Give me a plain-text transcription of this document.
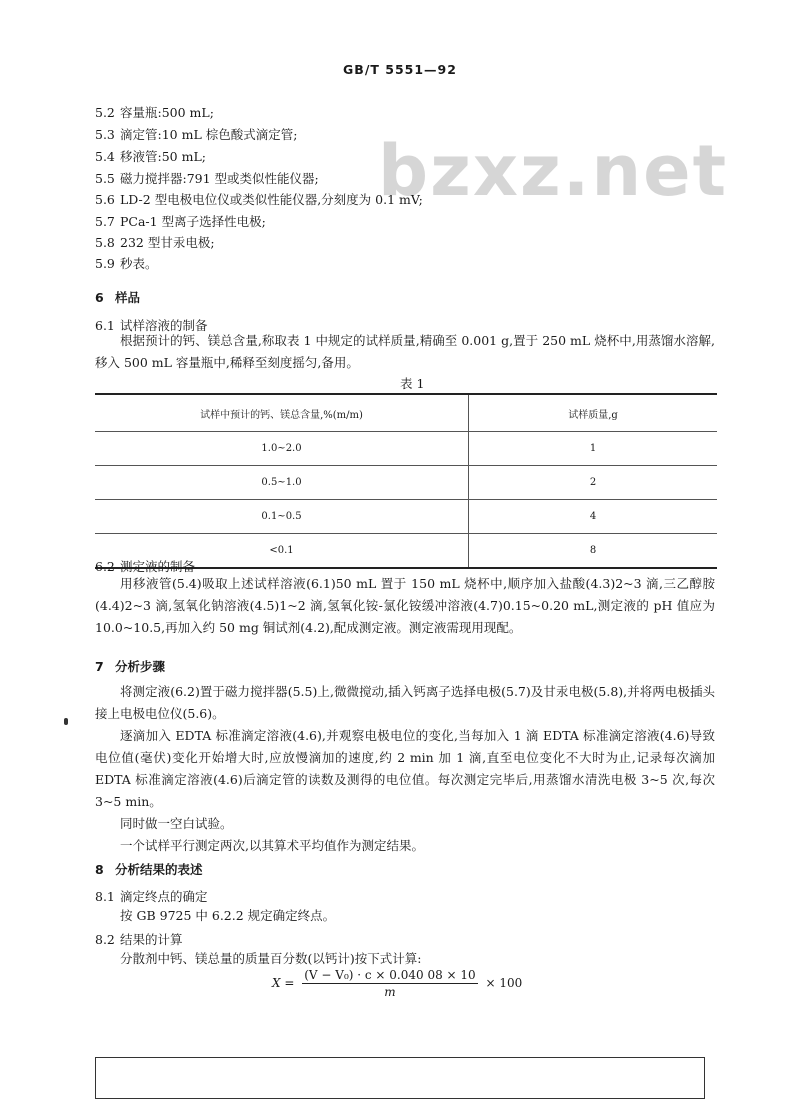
GB/T 5551—92
bzxz.net
5.2 容量瓶:500 mL;
5.3 滴定管:10 mL 棕色酸式滴定管;
5.4 移液管:50 mL;
5.5 磁力搅拌器:791 型或类似性能仪器;
5.6 LD-2 型电极电位仪或类似性能仪器,分刻度为 0.1 mV;
5.7 PCa-1 型离子选择性电极;
5.8 232 型甘汞电极;
5.9 秒表。
6 样品
6.1 试样溶液的制备

根据预计的钙、镁总含量,称取表 1 中规定的试样质量,精确至 0.001 g,置于 250 mL 烧杯中,用蒸馏水溶解,移入 500 mL 容量瓶中,稀释至刻度摇匀,备用。

表 1
试样中预计的钙、镁总含量,%(m/m)	试样质量,g
1.0~2.0	1
0.5~1.0	2
0.1~0.5	4
<0.1	8
6.2 测定液的制备

用移液管(5.4)吸取上述试样溶液(6.1)50 mL 置于 150 mL 烧杯中,顺序加入盐酸(4.3)2~3 滴,三乙醇胺(4.4)2~3 滴,氢氧化钠溶液(4.5)1~2 滴,氢氧化铵-氯化铵缓冲溶液(4.7)0.15~0.20 mL,测定液的 pH 值应为10.0~10.5,再加入约 50 mg 铜试剂(4.2),配成测定液。测定液需现用现配。

7 分析步骤

将测定液(6.2)置于磁力搅拌器(5.5)上,微微搅动,插入钙离子选择电极(5.7)及甘汞电极(5.8),并将两电极插头接上电极电位仪(5.6)。

逐滴加入 EDTA 标准滴定溶液(4.6),并观察电极电位的变化,当每加入 1 滴 EDTA 标准滴定溶液(4.6)导致电位值(毫伏)变化开始增大时,应放慢滴加的速度,约 2 min 加 1 滴,直至电位变化不大时为止,记录每次滴加 EDTA 标准滴定溶液(4.6)后滴定管的读数及测得的电位值。每次测定完毕后,用蒸馏水清洗电极 3~5 次,每次 3~5 min。

同时做一空白试验。

一个试样平行测定两次,以其算术平均值作为测定结果。

8 分析结果的表述
8.1 滴定终点的确定

按 GB 9725 中 6.2.2 规定确定终点。

8.2 结果的计算

分散剂中钙、镁总量的质量百分数(以钙计)按下式计算:

$X = \frac{\text{(V − V₀) · c × 0.040 08 × 10}}{m} \times 100$
